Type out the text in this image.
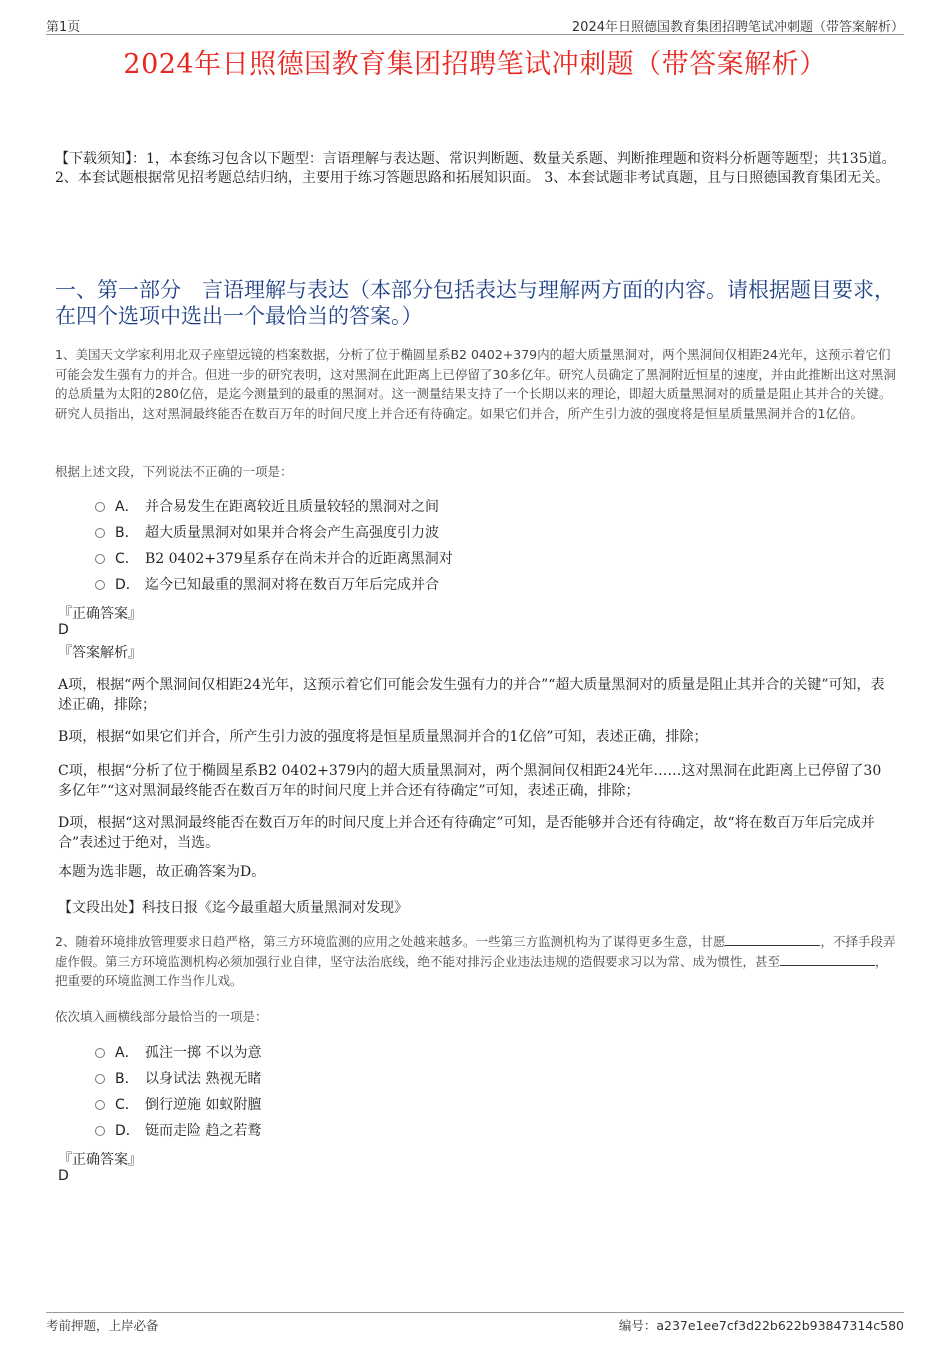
第1页	2024年日照德国教育集团招聘笔试冲刺题（带答案解析）
2024年日照德国教育集团招聘笔试冲刺题（带答案解析）
【下载须知】：1，本套练习包含以下题型：言语理解与表达题、常识判断题、数量关系题、判断推理题和资料分析题等题型；共135道。 2、本套试题根据常见招考题总结归纳，主要用于练习答题思路和拓展知识面。 3、本套试题非考试真题，且与日照德国教育集团无关。
一、第一部分　言语理解与表达（本部分包括表达与理解两方面的内容。请根据题目要求，在四个选项中选出一个最恰当的答案。）
1、美国天文学家利用北双子座望远镜的档案数据，分析了位于椭圆星系B2 0402+379内的超大质量黑洞对，两个黑洞间仅相距24光年，这预示着它们可能会发生强有力的并合。但进一步的研究表明，这对黑洞在此距离上已停留了30多亿年。研究人员确定了黑洞附近恒星的速度，并由此推断出这对黑洞的总质量为太阳的280亿倍，是迄今测量到的最重的黑洞对。这一测量结果支持了一个长期以来的理论，即超大质量黑洞对的质量是阻止其并合的关键。研究人员指出，这对黑洞最终能否在数百万年的时间尺度上并合还有待确定。如果它们并合，所产生引力波的强度将是恒星质量黑洞并合的1亿倍。
根据上述文段，下列说法不正确的一项是：
A． 并合易发生在距离较近且质量较轻的黑洞对之间
B． 超大质量黑洞对如果并合将会产生高强度引力波
C． B2 0402+379星系存在尚未并合的近距离黑洞对
D． 迄今已知最重的黑洞对将在数百万年后完成并合
『正确答案』
D
『答案解析』
A项，根据“两个黑洞间仅相距24光年，这预示着它们可能会发生强有力的并合”“超大质量黑洞对的质量是阻止其并合的关键”可知，表述正确，排除；
B项，根据“如果它们并合，所产生引力波的强度将是恒星质量黑洞并合的1亿倍”可知，表述正确，排除；
C项，根据“分析了位于椭圆星系B2 0402+379内的超大质量黑洞对，两个黑洞间仅相距24光年……这对黑洞在此距离上已停留了30多亿年”“这对黑洞最终能否在数百万年的时间尺度上并合还有待确定”可知，表述正确，排除；
D项，根据“这对黑洞最终能否在数百万年的时间尺度上并合还有待确定”可知，是否能够并合还有待确定，故“将在数百万年后完成并合”表述过于绝对，当选。
本题为选非题，故正确答案为D。
【文段出处】科技日报《迄今最重超大质量黑洞对发现》
2、随着环境排放管理要求日趋严格，第三方环境监测的应用之处越来越多。一些第三方监测机构为了谋得更多生意，甘愿	，不择手段弄虚作假。第三方环境监测机构必须加强行业自律，坚守法治底线，绝不能对排污企业违法违规的造假要求习以为常、成为惯性，甚至	，把重要的环境监测工作当作儿戏。
依次填入画横线部分最恰当的一项是：
A． 孤注一掷 不以为意
B． 以身试法 熟视无睹
C． 倒行逆施 如蚁附膻
D． 铤而走险 趋之若鹜
『正确答案』
D
考前押题，上岸必备	编号：a237e1ee7cf3d22b622b93847314c580
